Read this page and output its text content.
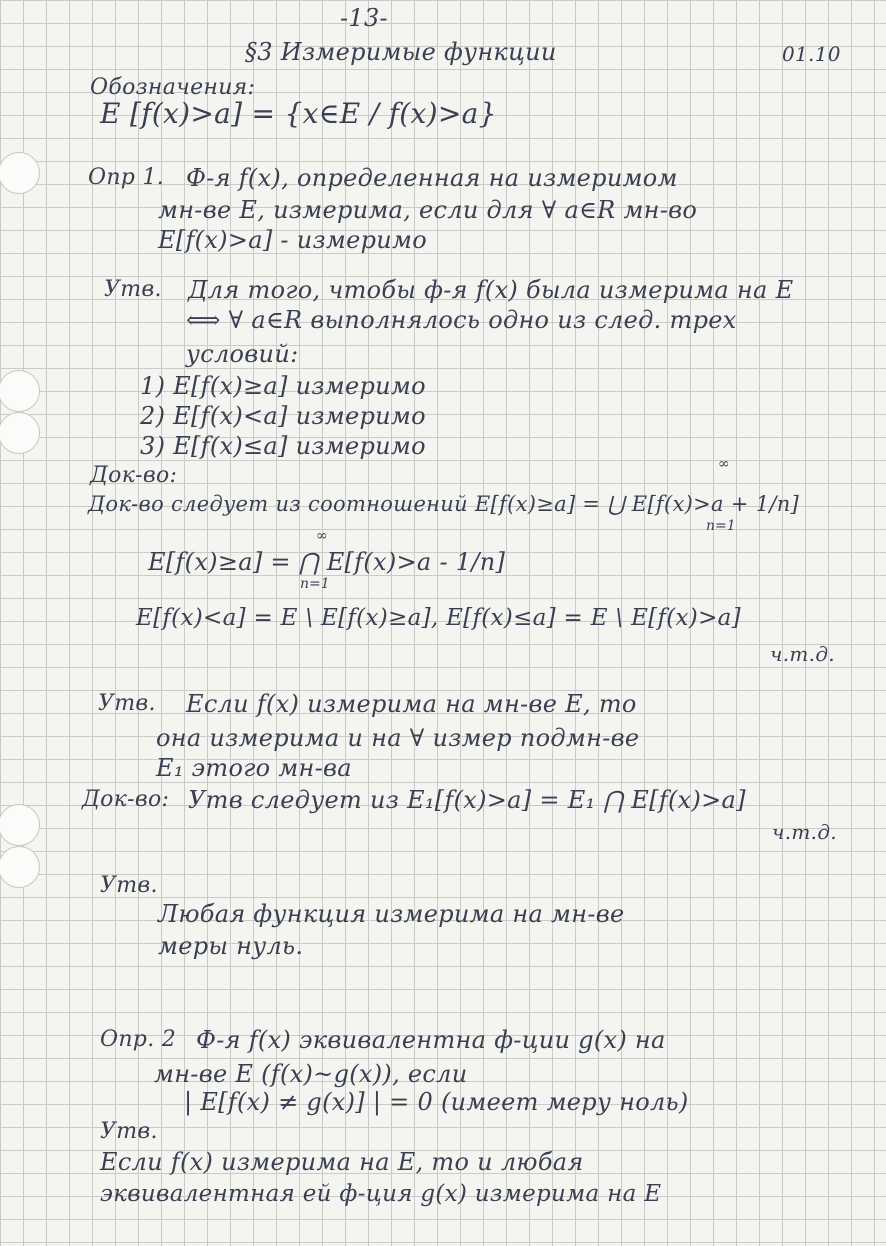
-13-
§3 Измеримые функции	01.10
Обозначения:
E [f(x)>a] = {x∈E / f(x)>a}
Опр 1. Ф-я f(x), определенная на измеримом
мн-ве E, измерима, если для ∀ a∈R мн-во
E[f(x)>a] - измеримо
Утв. Для того, чтобы ф-я f(x) была измерима на E
⟺ ∀ a∈R выполнялось одно из след. трех
условий:
1) E[f(x)≥a] измеримо
2) E[f(x)<a] измеримо
3) E[f(x)≤a] измеримо
Док-во:	∞
Док-во следует из соотношений E[f(x)≥a] = ⋃ E[f(x)>a + 1/n]
n=1
∞
E[f(x)≥a] = ⋂ E[f(x)>a - 1/n]
n=1
E[f(x)<a] = E \ E[f(x)≥a], E[f(x)≤a] = E \ E[f(x)>a]
ч.т.д.
Утв. Если f(x) измерима на мн-ве E, то
она измерима и на ∀ измер подмн-ве
E₁ этого мн-ва
Док-во: Утв следует из E₁[f(x)>a] = E₁ ⋂ E[f(x)>a]
ч.т.д.
Утв.
Любая функция измерима на мн-ве
меры нуль.
Опр. 2 Ф-я f(x) эквивалентна ф-ции g(x) на
мн-ве E (f(x)~g(x)), если
| E[f(x) ≠ g(x)] | = 0 (имеет меру ноль)
Утв.
Если f(x) измерима на E, то и любая
эквивалентная ей ф-ция g(x) измерима на E
